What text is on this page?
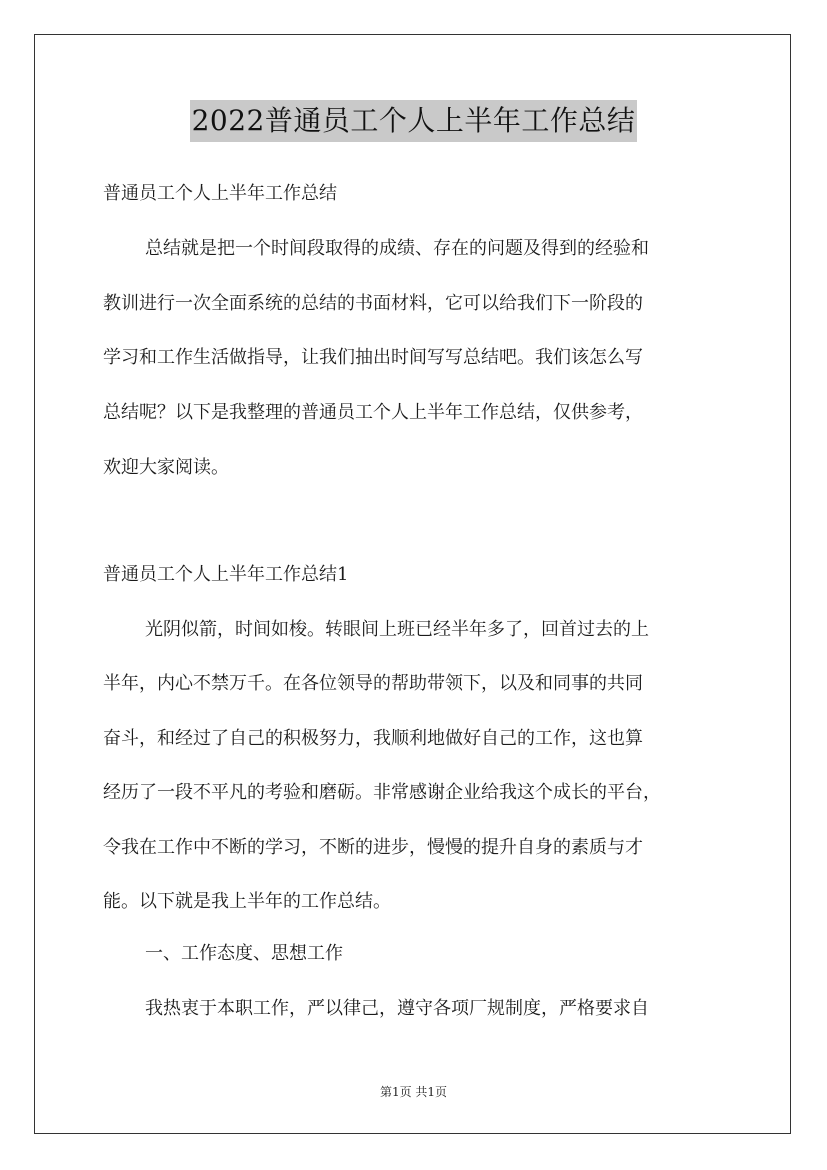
2022普通员工个人上半年工作总结
普通员工个人上半年工作总结
总结就是把一个时间段取得的成绩、存在的问题及得到的经验和
教训进行一次全面系统的总结的书面材料，它可以给我们下一阶段的
学习和工作生活做指导，让我们抽出时间写写总结吧。我们该怎么写
总结呢？以下是我整理的普通员工个人上半年工作总结，仅供参考，
欢迎大家阅读。
普通员工个人上半年工作总结1
光阴似箭，时间如梭。转眼间上班已经半年多了，回首过去的上
半年，内心不禁万千。在各位领导的帮助带领下，以及和同事的共同
奋斗，和经过了自己的积极努力，我顺利地做好自己的工作，这也算
经历了一段不平凡的考验和磨砺。非常感谢企业给我这个成长的平台，
令我在工作中不断的学习，不断的进步，慢慢的提升自身的素质与才
能。以下就是我上半年的工作总结。
一、工作态度、思想工作
我热衷于本职工作，严以律己，遵守各项厂规制度，严格要求自
第1页 共1页
